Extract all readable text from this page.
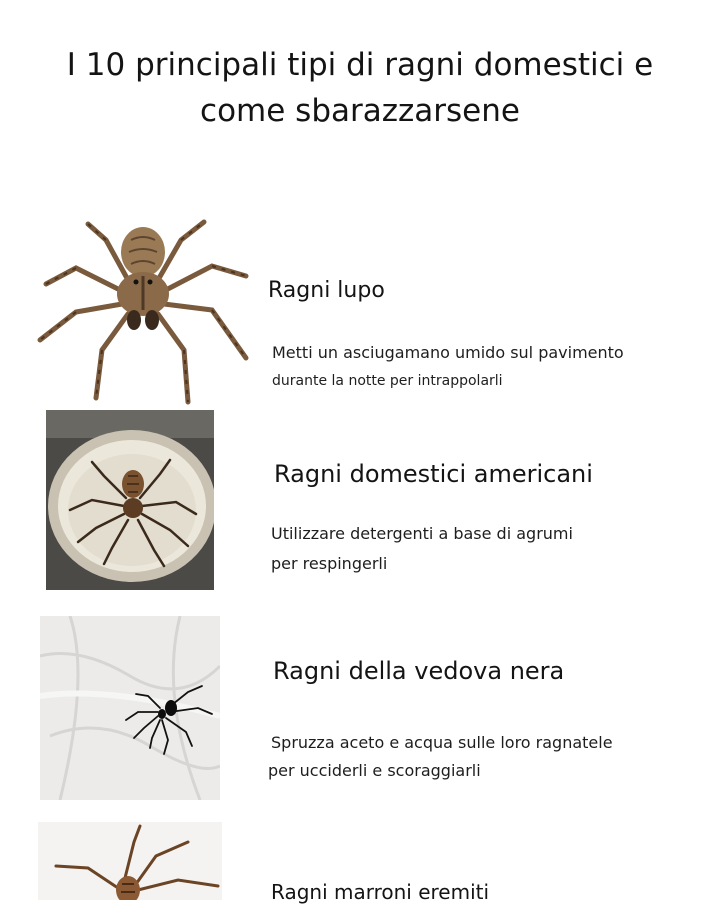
I 10 principali tipi di ragni domestici e
come sbarazzarsene
Ragni lupo

Metti un asciugamano umido sul pavimento
durante la notte per intrappolarli

Ragni domestici americani

Utilizzare detergenti a base di agrumi
per respingerli

Ragni della vedova nera

Spruzza aceto e acqua sulle loro ragnatele
per ucciderli e scoraggiarli

Ragni marroni eremiti
